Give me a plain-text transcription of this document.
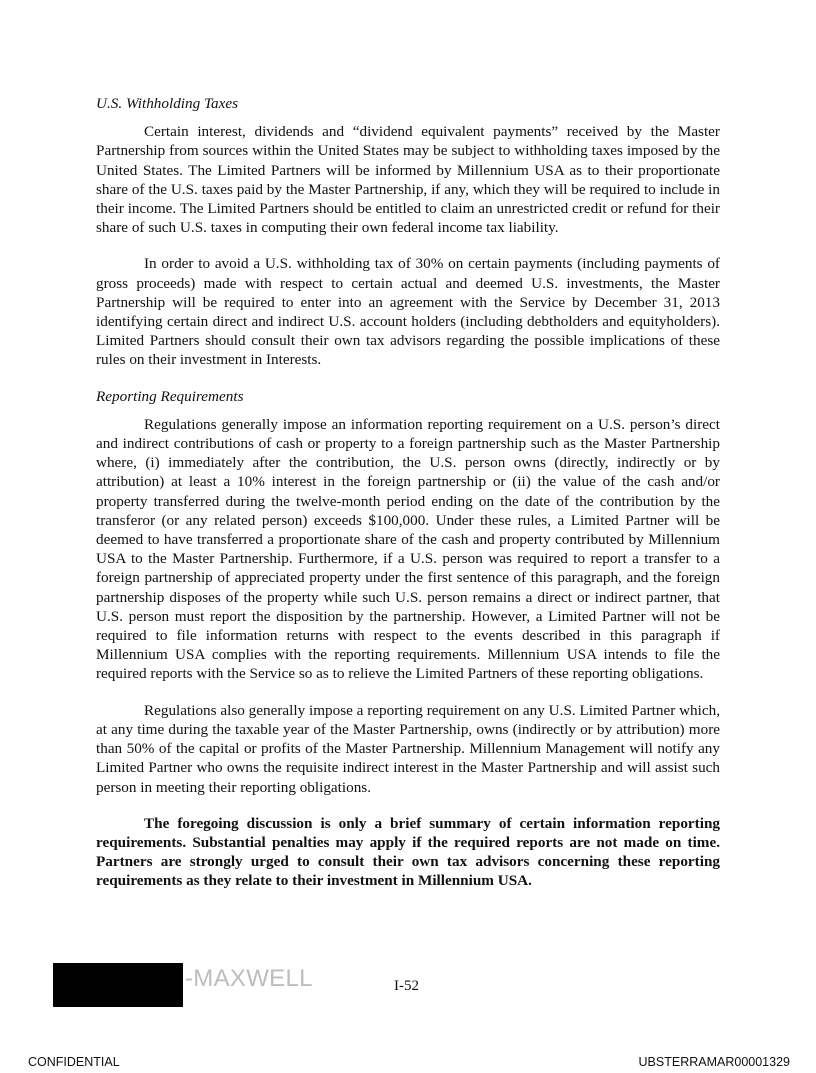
U.S. Withholding Taxes

Certain interest, dividends and “dividend equivalent payments” received by the Master Partnership from sources within the United States may be subject to withholding taxes imposed by the United States. The Limited Partners will be informed by Millennium USA as to their proportionate share of the U.S. taxes paid by the Master Partnership, if any, which they will be required to include in their income. The Limited Partners should be entitled to claim an unrestricted credit or refund for their share of such U.S. taxes in computing their own federal income tax liability.

In order to avoid a U.S. withholding tax of 30% on certain payments (including payments of gross proceeds) made with respect to certain actual and deemed U.S. investments, the Master Partnership will be required to enter into an agreement with the Service by December 31, 2013 identifying certain direct and indirect U.S. account holders (including debtholders and equityholders). Limited Partners should consult their own tax advisors regarding the possible implications of these rules on their investment in Interests.

Reporting Requirements

Regulations generally impose an information reporting requirement on a U.S. person’s direct and indirect contributions of cash or property to a foreign partnership such as the Master Partnership where, (i) immediately after the contribution, the U.S. person owns (directly, indirectly or by attribution) at least a 10% interest in the foreign partnership or (ii) the value of the cash and/or property transferred during the twelve-month period ending on the date of the contribution by the transferor (or any related person) exceeds $100,000. Under these rules, a Limited Partner will be deemed to have transferred a proportionate share of the cash and property contributed by Millennium USA to the Master Partnership. Furthermore, if a U.S. person was required to report a transfer to a foreign partnership of appreciated property under the first sentence of this paragraph, and the foreign partnership disposes of the property while such U.S. person remains a direct or indirect partner, that U.S. person must report the disposition by the partnership. However, a Limited Partner will not be required to file information returns with respect to the events described in this paragraph if Millennium USA complies with the reporting requirements. Millennium USA intends to file the required reports with the Service so as to relieve the Limited Partners of these reporting obligations.

Regulations also generally impose a reporting requirement on any U.S. Limited Partner which, at any time during the taxable year of the Master Partnership, owns (indirectly or by attribution) more than 50% of the capital or profits of the Master Partnership. Millennium Management will notify any Limited Partner who owns the requisite indirect interest in the Master Partnership and will assist such person in meeting their reporting obligations.

The foregoing discussion is only a brief summary of certain information reporting requirements. Substantial penalties may apply if the required reports are not made on time. Partners are strongly urged to consult their own tax advisors concerning these reporting requirements as they relate to their investment in Millennium USA.

-MAXWELL	I-52
CONFIDENTIAL	UBSTERRAMAR00001329
